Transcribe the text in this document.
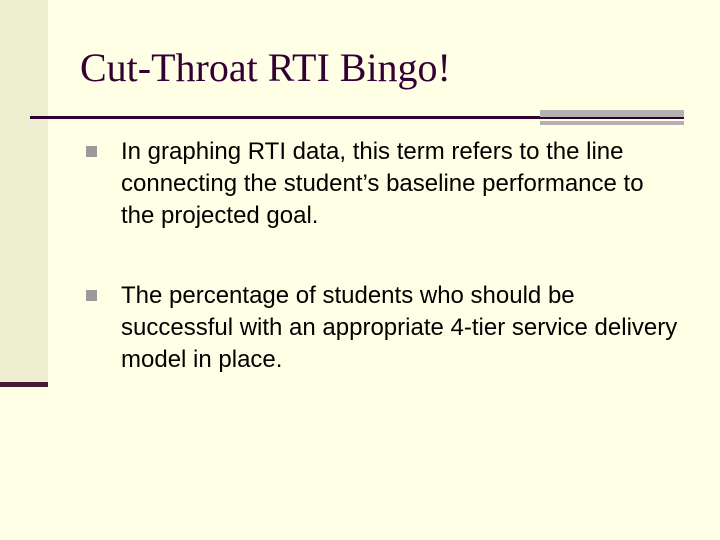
Cut-Throat RTI Bingo!
In graphing RTI data, this term refers to the line connecting the student’s baseline performance to the projected goal.
The percentage of students who should be successful with an appropriate 4-tier service delivery model in place.
